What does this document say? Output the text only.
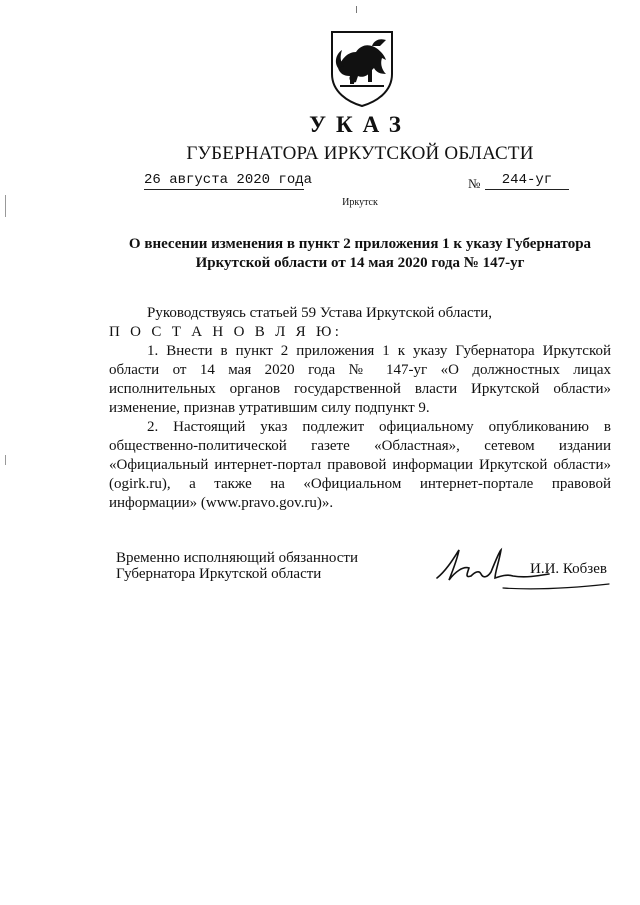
УКАЗ
ГУБЕРНАТОРА ИРКУТСКОЙ ОБЛАСТИ
26 августа 2020 года	№	244-уг
Иркутск
О внесении изменения в пункт 2 приложения 1 к указу Губернатора
Иркутской области от 14 мая 2020 года № 147-уг

Руководствуясь статьей 59 Устава Иркутской области,

П О С Т А Н О В Л Я Ю:

1. Внести в пункт 2 приложения 1 к указу Губернатора Иркутской области от 14 мая 2020 года № 147-уг «О должностных лицах исполнительных органов государственной власти Иркутской области» изменение, признав утратившим силу подпункт 9.

2. Настоящий указ подлежит официальному опубликованию в общественно-политической газете «Областная», сетевом издании «Официальный интернет-портал правовой информации Иркутской области» (ogirk.ru), а также на «Официальном интернет-портале правовой информации» (www.pravo.gov.ru)».

Временно исполняющий обязанности
Губернатора Иркутской области	И.И. Кобзев
